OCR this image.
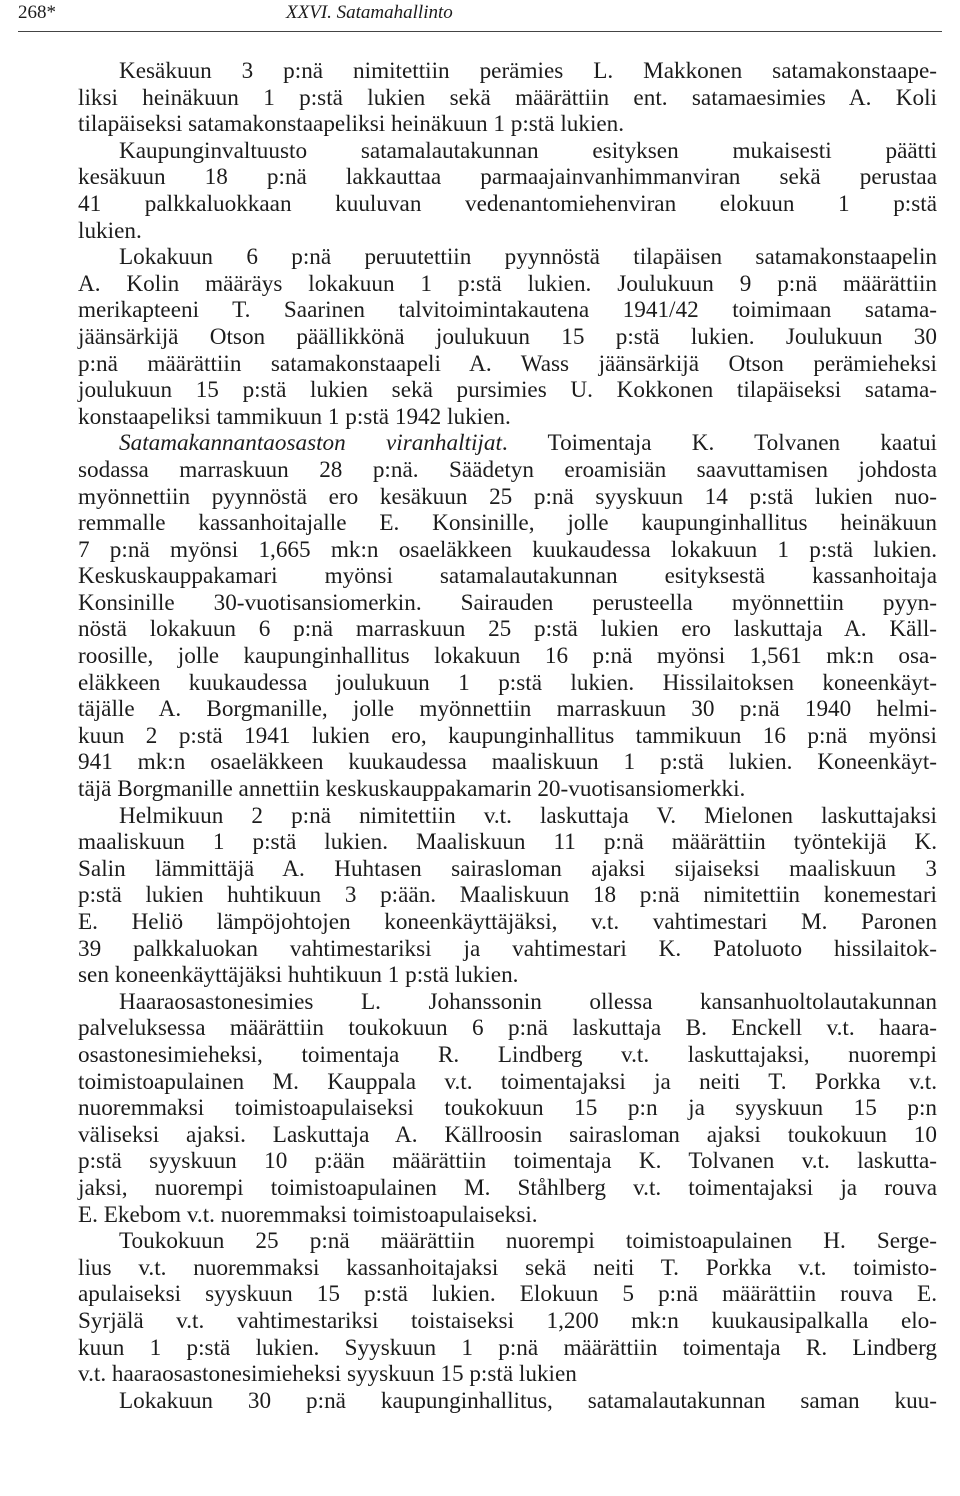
268*	XXVI. Satamahallinto
Kesäkuun 3 p:nä nimitettiin perämies L. Makkonen satamakonstaape-
liksi heinäkuun 1 p:stä lukien sekä määrättiin ent. satamaesimies A. Koli
tilapäiseksi satamakonstaapeliksi heinäkuun 1 p:stä lukien.
Kaupunginvaltuusto satamalautakunnan esityksen mukaisesti päätti
kesäkuun 18 p:nä lakkauttaa parmaajainvanhimmanviran sekä perustaa
41 palkkaluokkaan kuuluvan vedenantomiehenviran elokuun 1 p:stä
lukien.
Lokakuun 6 p:nä peruutettiin pyynnöstä tilapäisen satamakonstaapelin
A. Kolin määräys lokakuun 1 p:stä lukien. Joulukuun 9 p:nä määrättiin
merikapteeni T. Saarinen talvitoimintakautena 1941/42 toimimaan satama-
jäänsärkijä Otson päällikkönä joulukuun 15 p:stä lukien. Joulukuun 30
p:nä määrättiin satamakonstaapeli A. Wass jäänsärkijä Otson perämieheksi
joulukuun 15 p:stä lukien sekä pursimies U. Kokkonen tilapäiseksi satama-
konstaapeliksi tammikuun 1 p:stä 1942 lukien.
Satamakannantaosaston viranhaltijat. Toimentaja K. Tolvanen kaatui
sodassa marraskuun 28 p:nä. Säädetyn eroamisiän saavuttamisen johdosta
myönnettiin pyynnöstä ero kesäkuun 25 p:nä syyskuun 14 p:stä lukien nuo-
remmalle kassanhoitajalle E. Konsinille, jolle kaupunginhallitus heinäkuun
7 p:nä myönsi 1,665 mk:n osaeläkkeen kuukaudessa lokakuun 1 p:stä lukien.
Keskuskauppakamari myönsi satamalautakunnan esityksestä kassanhoitaja
Konsinille 30-vuotisansiomerkin. Sairauden perusteella myönnettiin pyyn-
nöstä lokakuun 6 p:nä marraskuun 25 p:stä lukien ero laskuttaja A. Käll-
roosille, jolle kaupunginhallitus lokakuun 16 p:nä myönsi 1,561 mk:n osa-
eläkkeen kuukaudessa joulukuun 1 p:stä lukien. Hissilaitoksen koneenkäyt-
täjälle A. Borgmanille, jolle myönnettiin marraskuun 30 p:nä 1940 helmi-
kuun 2 p:stä 1941 lukien ero, kaupunginhallitus tammikuun 16 p:nä myönsi
941 mk:n osaeläkkeen kuukaudessa maaliskuun 1 p:stä lukien. Koneenkäyt-
täjä Borgmanille annettiin keskuskauppakamarin 20-vuotisansiomerkki.
Helmikuun 2 p:nä nimitettiin v.t. laskuttaja V. Mielonen laskuttajaksi
maaliskuun 1 p:stä lukien. Maaliskuun 11 p:nä määrättiin työntekijä K.
Salin lämmittäjä A. Huhtasen sairasloman ajaksi sijaiseksi maaliskuun 3
p:stä lukien huhtikuun 3 p:ään. Maaliskuun 18 p:nä nimitettiin konemestari
E. Heliö lämpöjohtojen koneenkäyttäjäksi, v.t. vahtimestari M. Paronen
39 palkkaluokan vahtimestariksi ja vahtimestari K. Patoluoto hissilaitok-
sen koneenkäyttäjäksi huhtikuun 1 p:stä lukien.
Haaraosastonesimies L. Johanssonin ollessa kansanhuoltolautakunnan
palveluksessa määrättiin toukokuun 6 p:nä laskuttaja B. Enckell v.t. haara-
osastonesimieheksi, toimentaja R. Lindberg v.t. laskuttajaksi, nuorempi
toimistoapulainen M. Kauppala v.t. toimentajaksi ja neiti T. Porkka v.t.
nuoremmaksi toimistoapulaiseksi toukokuun 15 p:n ja syyskuun 15 p:n
väliseksi ajaksi. Laskuttaja A. Källroosin sairasloman ajaksi toukokuun 10
p:stä syyskuun 10 p:ään määrättiin toimentaja K. Tolvanen v.t. laskutta-
jaksi, nuorempi toimistoapulainen M. Ståhlberg v.t. toimentajaksi ja rouva
E. Ekebom v.t. nuoremmaksi toimistoapulaiseksi.
Toukokuun 25 p:nä määrättiin nuorempi toimistoapulainen H. Serge-
lius v.t. nuoremmaksi kassanhoitajaksi sekä neiti T. Porkka v.t. toimisto-
apulaiseksi syyskuun 15 p:stä lukien. Elokuun 5 p:nä määrättiin rouva E.
Syrjälä v.t. vahtimestariksi toistaiseksi 1,200 mk:n kuukausipalkalla elo-
kuun 1 p:stä lukien. Syyskuun 1 p:nä määrättiin toimentaja R. Lindberg
v.t. haaraosastonesimieheksi syyskuun 15 p:stä lukien
Lokakuun 30 p:nä kaupunginhallitus, satamalautakunnan saman kuu-
